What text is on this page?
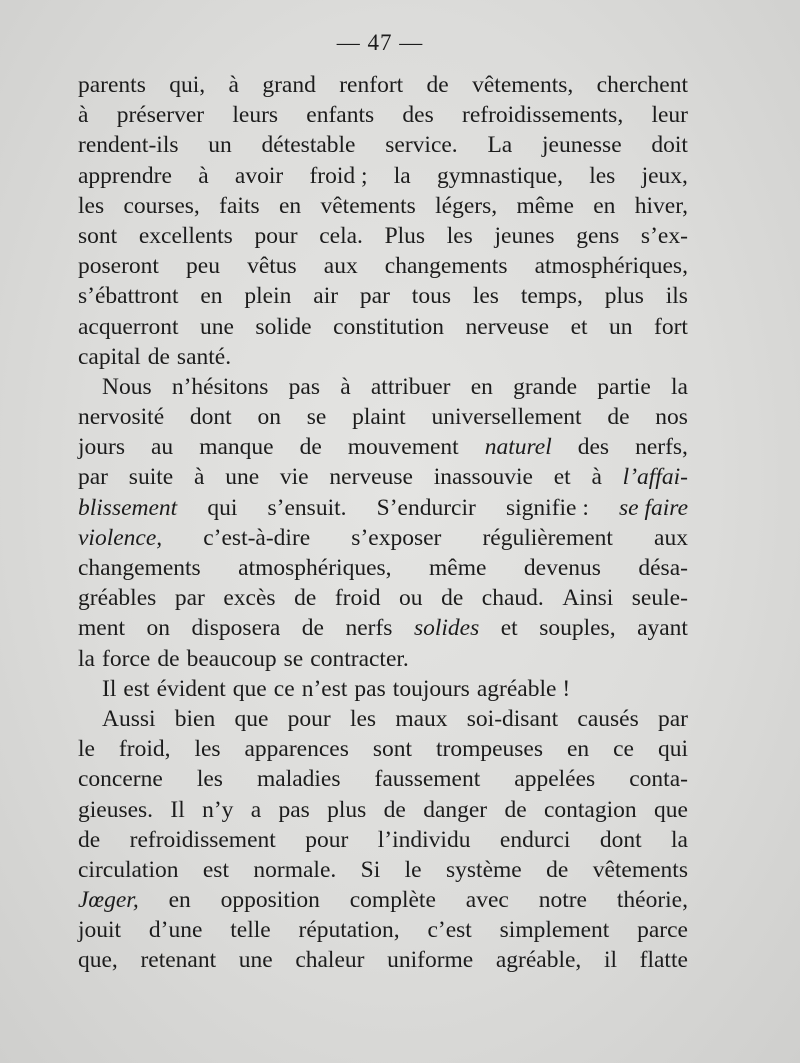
— 47 —
parents qui, à grand renfort de vêtements, cherchent
à préserver leurs enfants des refroidissements, leur
rendent-ils un détestable service. La jeunesse doit
apprendre à avoir froid ; la gymnastique, les jeux,
les courses, faits en vêtements légers, même en hiver,
sont excellents pour cela. Plus les jeunes gens s’ex-
poseront peu vêtus aux changements atmosphériques,
s’ébattront en plein air par tous les temps, plus ils
acquerront une solide constitution nerveuse et un fort
capital de santé.
Nous n’hésitons pas à attribuer en grande partie la
nervosité dont on se plaint universellement de nos
jours au manque de mouvement naturel des nerfs,
par suite à une vie nerveuse inassouvie et à l’affai-
blissement qui s’ensuit. S’endurcir signifie : se faire
violence, c’est-à-dire s’exposer régulièrement aux
changements atmosphériques, même devenus désa-
gréables par excès de froid ou de chaud. Ainsi seule-
ment on disposera de nerfs solides et souples, ayant
la force de beaucoup se contracter.
Il est évident que ce n’est pas toujours agréable !
Aussi bien que pour les maux soi-disant causés par
le froid, les apparences sont trompeuses en ce qui
concerne les maladies faussement appelées conta-
gieuses. Il n’y a pas plus de danger de contagion que
de refroidissement pour l’individu endurci dont la
circulation est normale. Si le système de vêtements
Jœger, en opposition complète avec notre théorie,
jouit d’une telle réputation, c’est simplement parce
que, retenant une chaleur uniforme agréable, il flatte
